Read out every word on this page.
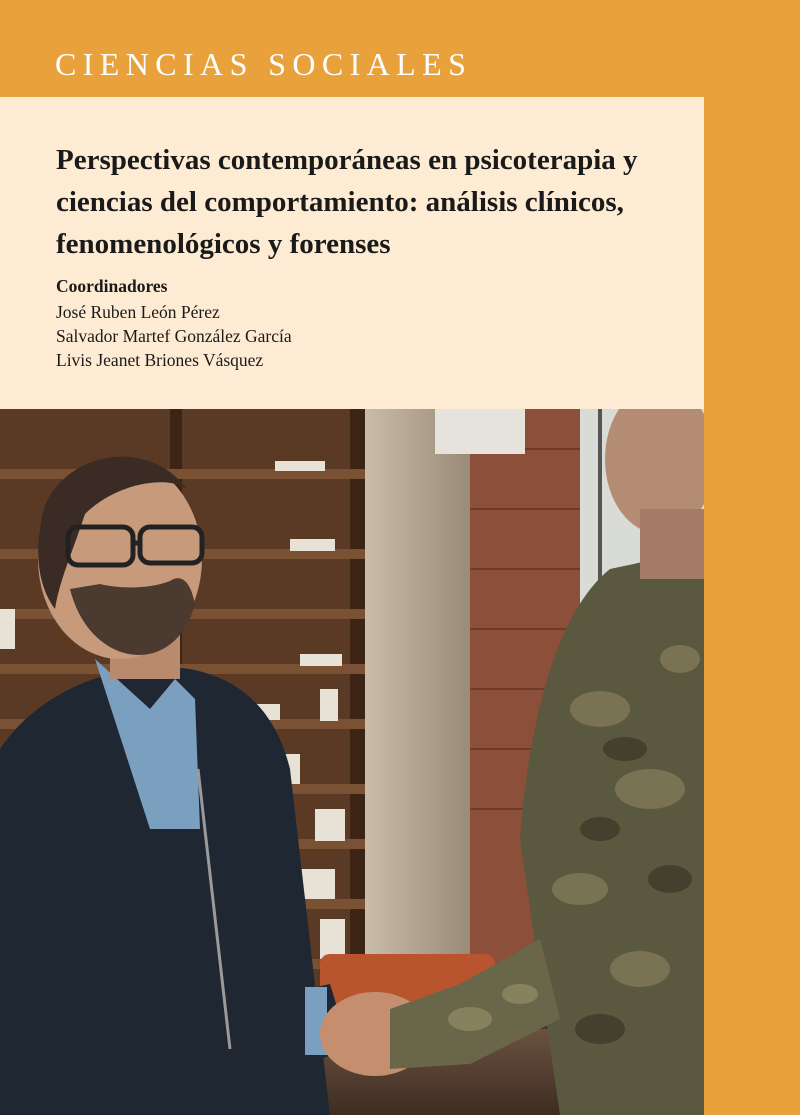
CIENCIAS SOCIALES
Perspectivas contemporáneas en psicoterapia y ciencias del comportamiento: análisis clínicos, fenomenológicos y forenses
Coordinadores
José Ruben León Pérez
Salvador Martef González García
Livis Jeanet Briones Vásquez
